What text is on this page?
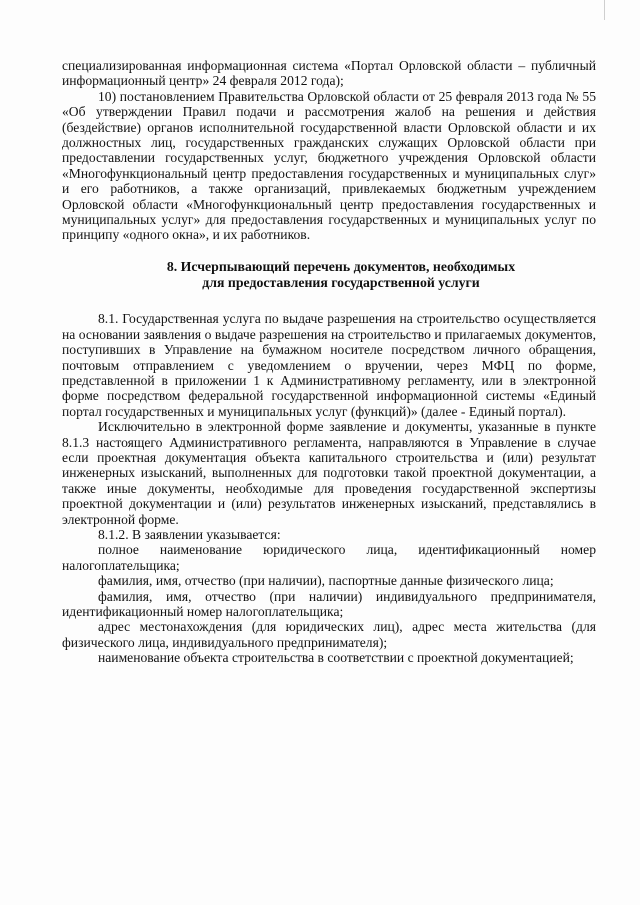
специализированная информационная система «Портал Орловской области – публичный информационный центр» 24 февраля 2012 года);

10) постановлением Правительства Орловской области от 25 февраля 2013 года № 55 «Об утверждении Правил подачи и рассмотрения жалоб на решения и действия (бездействие) органов исполнительной государственной власти Орловской области и их должностных лиц, государственных гражданских служащих Орловской области при предоставлении государственных услуг, бюджетного учреждения Орловской области «Многофункциональный центр предоставления государственных и муниципальных слуг» и его работников, а также организаций, привлекаемых бюджетным учреждением Орловской области «Многофункциональный центр предоставления государственных и муниципальных услуг» для предоставления государственных и муниципальных услуг по принципу «одного окна», и их работников.

8. Исчерпывающий перечень документов, необходимых
для предоставления государственной услуги

8.1. Государственная услуга по выдаче разрешения на строительство осуществляется на основании заявления о выдаче разрешения на строительство и прилагаемых документов, поступивших в Управление на бумажном носителе посредством личного обращения, почтовым отправлением с уведомлением о вручении, через МФЦ по форме, представленной в приложении 1 к Административному регламенту, или в электронной форме посредством федеральной государственной информационной системы «Единый портал государственных и муниципальных услуг (функций)» (далее - Единый портал).

Исключительно в электронной форме заявление и документы, указанные в пункте 8.1.3 настоящего Административного регламента, направляются в Управление в случае если проектная документация объекта капитального строительства и (или) результат инженерных изысканий, выполненных для подготовки такой проектной документации, а также иные документы, необходимые для проведения государственной экспертизы проектной документации и (или) результатов инженерных изысканий, представлялись в электронной форме.

8.1.2. В заявлении указывается:

полное наименование юридического лица, идентификационный номер налогоплательщика;

фамилия, имя, отчество (при наличии), паспортные данные физического лица;

фамилия, имя, отчество (при наличии) индивидуального предпринимателя, идентификационный номер налогоплательщика;

адрес местонахождения (для юридических лиц), адрес места жительства (для физического лица, индивидуального предпринимателя);

наименование объекта строительства в соответствии с проектной документацией;
